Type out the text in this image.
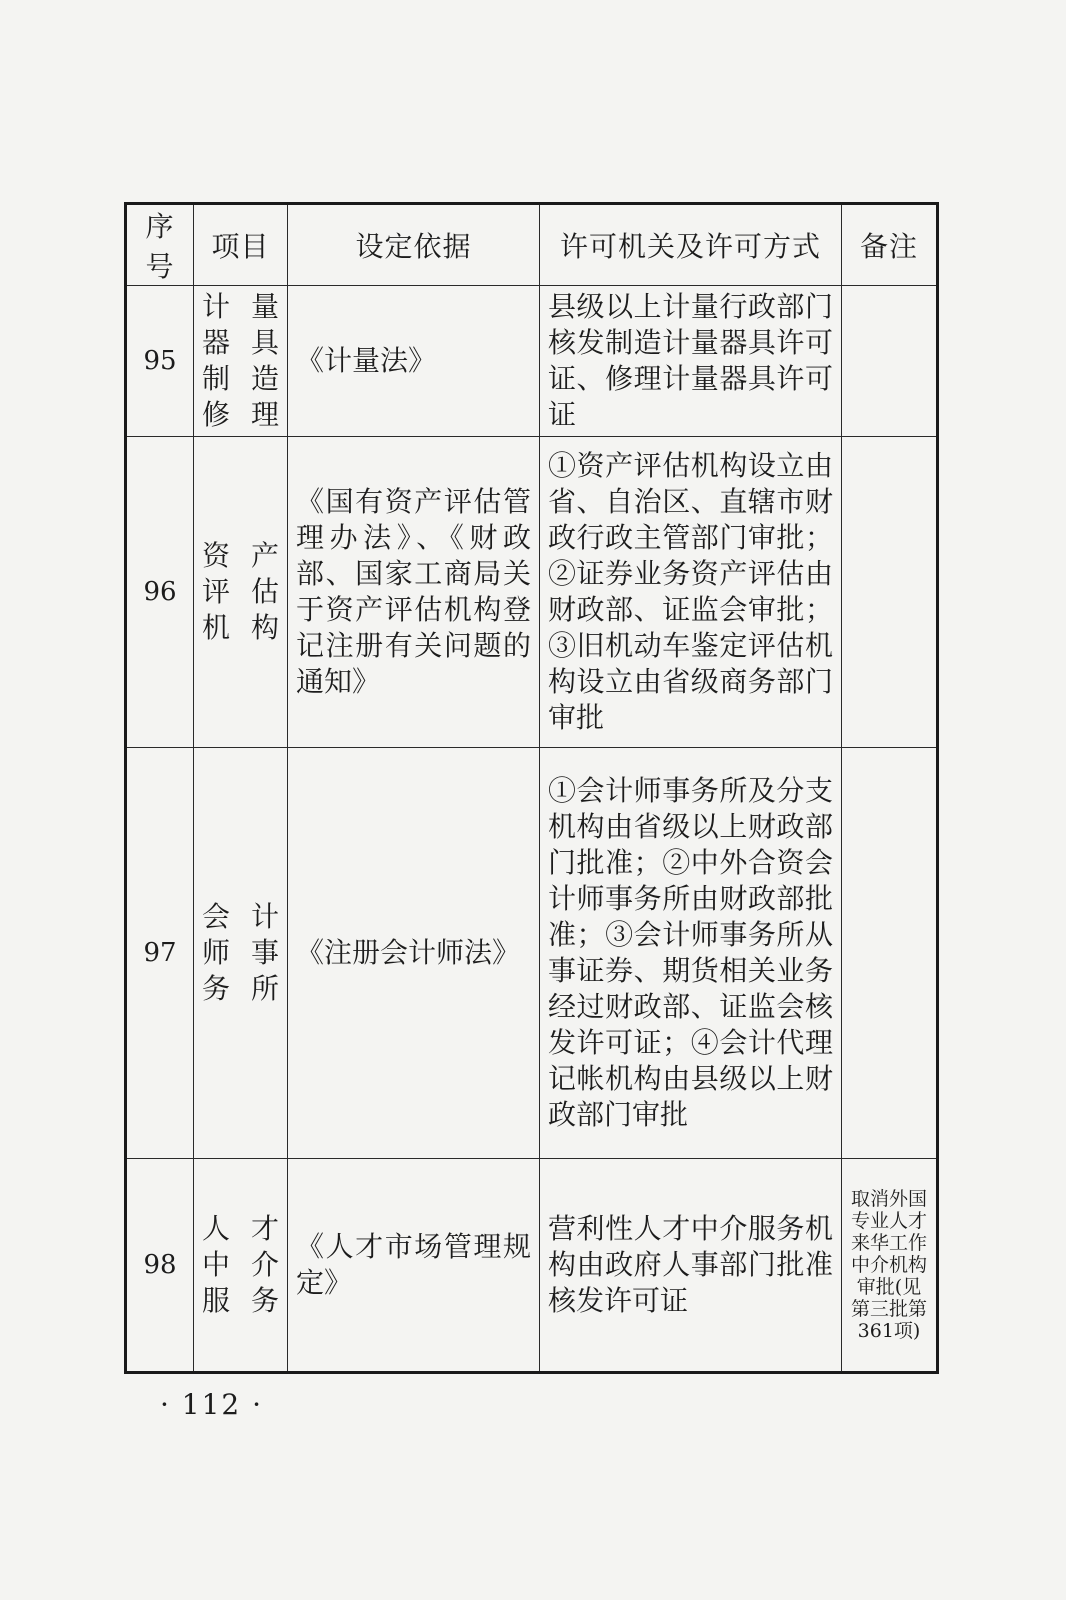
序号	项目	设定依据	许可机关及许可方式	备注
95	计量器具制造修 理	《计量法》	县级以上计量行政部门核发制造计量器具许可证、修理计量器具许可证	
96	资产评估机构	《国有资产评估管理办法》、《财政部、国家工商局关于资产评估机构登记注册有关问题的通知》	①资产评估机构设立由省、自治区、直辖市财政行政主管部门审批；②证券业务资产评估由财政部、证监会审批；③旧机动车鉴定评估机构设立由省级商务部门审批	
97	会计师事务所	《注册会计师法》	①会计师事务所及分支机构由省级以上财政部门批准；②中外合资会计师事务所由财政部批准；③会计师事务所从事证券、期货相关业务经过财政部、证监会核发许可证；④会计代理记帐机构由县级以上财政部门审批	
98	人才中介服务	《人才市场管理规定》	营利性人才中介服务机构由政府人事部门批准核发许可证	取消外国专业人才来华工作中介机构审批(见第三批第361项)
· 112 ·
